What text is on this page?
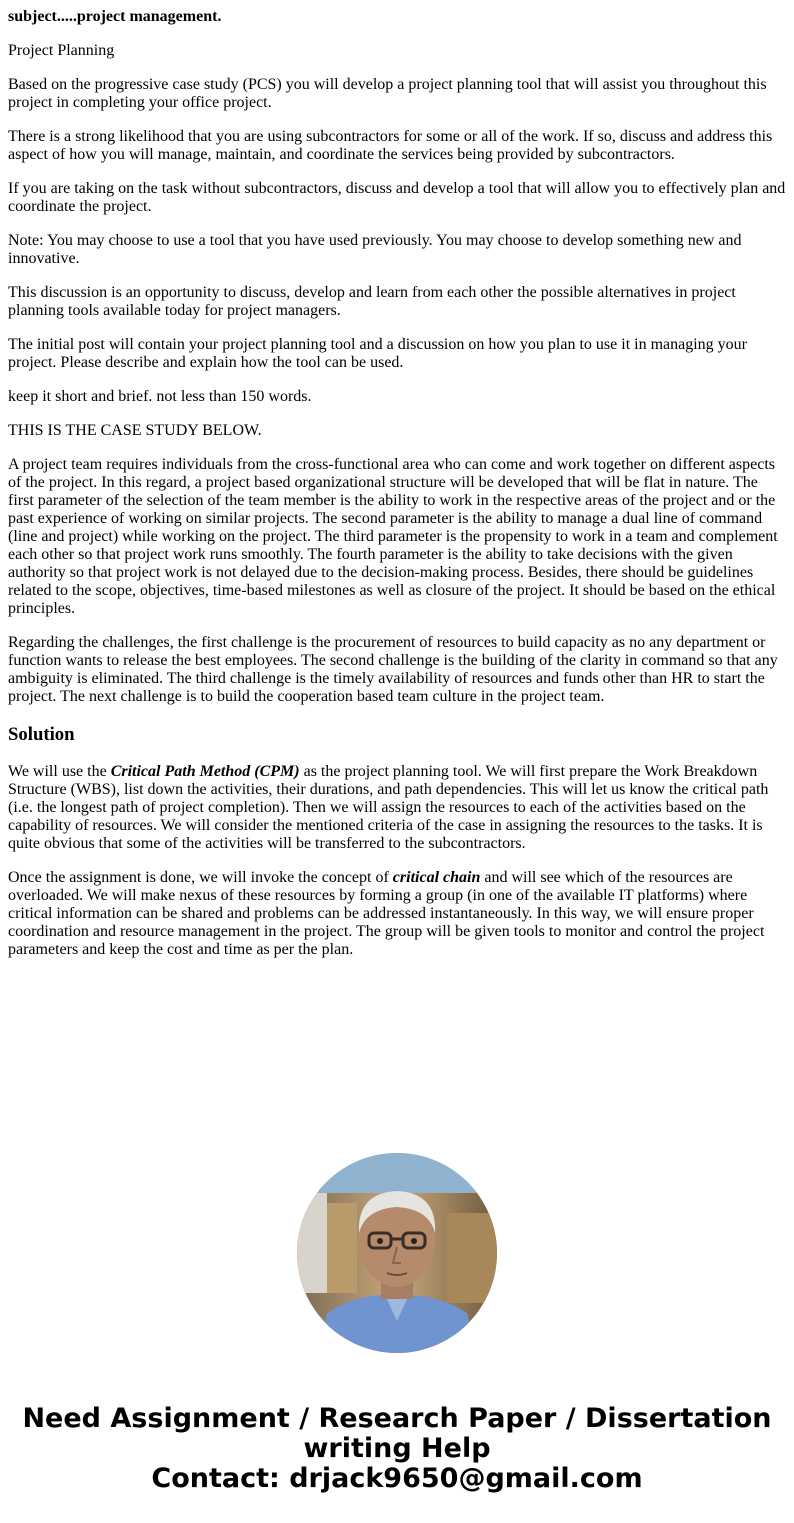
subject.....project management.

Project Planning

Based on the progressive case study (PCS) you will develop a project planning tool that will assist you throughout this project in completing your office project.

There is a strong likelihood that you are using subcontractors for some or all of the work. If so, discuss and address this aspect of how you will manage, maintain, and coordinate the services being provided by subcontractors.

If you are taking on the task without subcontractors, discuss and develop a tool that will allow you to effectively plan and coordinate the project.

Note: You may choose to use a tool that you have used previously. You may choose to develop something new and innovative.

This discussion is an opportunity to discuss, develop and learn from each other the possible alternatives in project planning tools available today for project managers.

The initial post will contain your project planning tool and a discussion on how you plan to use it in managing your project. Please describe and explain how the tool can be used.

keep it short and brief. not less than 150 words.

THIS IS THE CASE STUDY BELOW.

A project team requires individuals from the cross-functional area who can come and work together on different aspects of the project. In this regard, a project based organizational structure will be developed that will be flat in nature. The first parameter of the selection of the team member is the ability to work in the respective areas of the project and or the past experience of working on similar projects. The second parameter is the ability to manage a dual line of command (line and project) while working on the project. The third parameter is the propensity to work in a team and complement each other so that project work runs smoothly. The fourth parameter is the ability to take decisions with the given authority so that project work is not delayed due to the decision-making process. Besides, there should be guidelines related to the scope, objectives, time-based milestones as well as closure of the project. It should be based on the ethical principles.

Regarding the challenges, the first challenge is the procurement of resources to build capacity as no any department or function wants to release the best employees. The second challenge is the building of the clarity in command so that any ambiguity is eliminated. The third challenge is the timely availability of resources and funds other than HR to start the project. The next challenge is to build the cooperation based team culture in the project team.

Solution

We will use the Critical Path Method (CPM) as the project planning tool. We will first prepare the Work Breakdown Structure (WBS), list down the activities, their durations, and path dependencies. This will let us know the critical path (i.e. the longest path of project completion). Then we will assign the resources to each of the activities based on the capability of resources. We will consider the mentioned criteria of the case in assigning the resources to the tasks. It is quite obvious that some of the activities will be transferred to the subcontractors.

Once the assignment is done, we will invoke the concept of critical chain and will see which of the resources are overloaded. We will make nexus of these resources by forming a group (in one of the available IT platforms) where critical information can be shared and problems can be addressed instantaneously. In this way, we will ensure proper coordination and resource management in the project. The group will be given tools to monitor and control the project parameters and keep the cost and time as per the plan.

Need Assignment / Research Paper / Dissertation
writing Help
Contact: drjack9650@gmail.com
